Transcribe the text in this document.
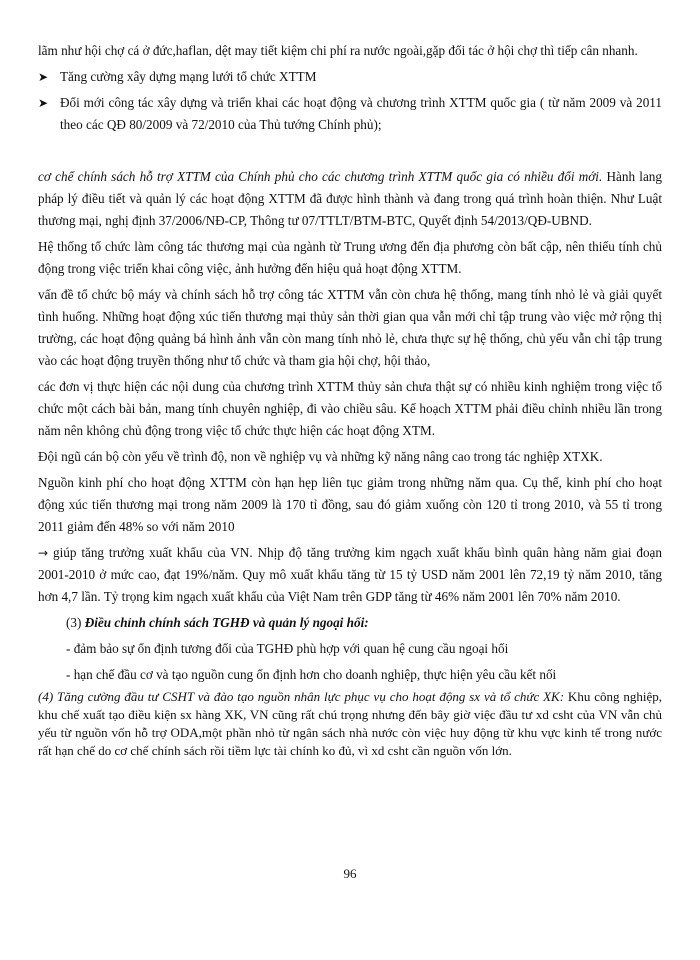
lãm như hội chợ cá ở đức,haflan, dệt may tiết kiệm chi phí ra nước ngoài,gặp đối tác ở hội chợ thì tiếp cân nhanh.

➤ Tăng cường xây dựng mạng lưới tổ chức XTTM
➤ Đổi mới công tác xây dựng và triển khai các hoạt động và chương trình XTTM quốc gia ( từ năm 2009 và 2011 theo các QĐ 80/2009 và 72/2010 của Thủ tướng Chính phủ);

cơ chế chính sách hỗ trợ XTTM của Chính phủ cho các chương trình XTTM quốc gia có nhiều đổi mới. Hành lang pháp lý điều tiết và quản lý các hoạt động XTTM đã được hình thành và đang trong quá trình hoàn thiện. Như Luật thương mại, nghị định 37/2006/NĐ-CP, Thông tư 07/TTLT/BTM-BTC, Quyết định 54/2013/QĐ-UBND.

Hệ thống tổ chức làm công tác thương mại của ngành từ Trung ương đến địa phương còn bất cập, nên thiếu tính chủ động trong việc triển khai công việc, ảnh hưởng đến hiệu quả hoạt động XTTM.

vấn đề tổ chức bộ máy và chính sách hỗ trợ công tác XTTM vẫn còn chưa hệ thống, mang tính nhỏ lẻ và giải quyết tình huống. Những hoạt động xúc tiến thương mại thủy sản thời gian qua vẫn mới chỉ tập trung vào việc mở rộng thị trường, các hoạt động quảng bá hình ảnh vẫn còn mang tính nhỏ lẻ, chưa thực sự hệ thống, chủ yếu vẫn chỉ tập trung vào các hoạt động truyền thống như tổ chức và tham gia hội chợ, hội thảo,

các đơn vị thực hiện các nội dung của chương trình XTTM thủy sản chưa thật sự có nhiều kinh nghiệm trong việc tổ chức một cách bài bản, mang tính chuyên nghiệp, đi vào chiều sâu. Kế hoạch XTTM phải điều chỉnh nhiều lần trong năm nên không chủ động trong việc tổ chức thực hiện các hoạt động XTM.

Đội ngũ cán bộ còn yếu về trình độ, non về nghiệp vụ và những kỹ năng nâng cao trong tác nghiệp XTXK.

Nguồn kinh phí cho hoạt động XTTM còn hạn hẹp liên tục giảm trong những năm qua. Cụ thể, kinh phí cho hoạt động xúc tiến thương mại trong năm 2009 là 170 tỉ đồng, sau đó giảm xuống còn 120 tỉ trong 2010, và 55 tỉ trong 2011 giảm đến 48% so với năm 2010

→ giúp tăng trưởng xuất khẩu của VN. Nhịp độ tăng trưởng kim ngạch xuất khẩu bình quân hàng năm giai đoạn 2001-2010 ở mức cao, đạt 19%/năm. Quy mô xuất khẩu tăng từ 15 tỷ USD năm 2001 lên 72,19 tỷ năm 2010, tăng hơn 4,7 lần. Tỷ trọng kim ngạch xuất khẩu của Việt Nam trên GDP tăng từ 46% năm 2001 lên 70% năm 2010.

(3) Điều chỉnh chính sách TGHĐ và quản lý ngoại hối:

- đảm bảo sự ổn định tương đối của TGHĐ phù hợp với quan hệ cung cầu ngoại hối

- hạn chế đầu cơ và tạo nguồn cung ổn định hơn cho doanh nghiệp, thực hiện yêu cầu kết nối

(4) Tăng cường đầu tư CSHT và đào tạo nguồn nhân lực phục vụ cho hoạt động sx và tổ chức XK: Khu công nghiệp, khu chế xuất tạo điều kiện sx hàng XK, VN cũng rất chú trọng nhưng đến bây giờ việc đầu tư xd csht của VN vẫn chủ yếu từ nguồn vốn hỗ trợ ODA,một phần nhỏ từ ngân sách nhà nước còn việc huy động từ khu vực kinh tế trong nước rất hạn chế do cơ chế chính sách rồi tiềm lực tài chính ko đủ, vì xd csht cần nguồn vốn lớn.

96
